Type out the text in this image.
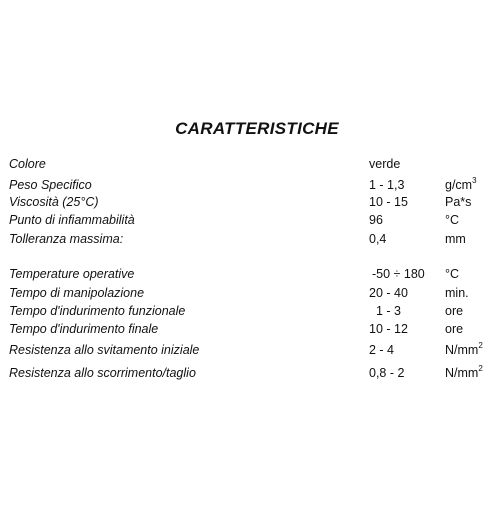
CARATTERISTICHE
Colore	verde
Peso Specifico	1 - 1,3	$g/cm^3$
Viscosità (25°C)	10 - 15	Pa*s
Punto di infiammabilità	96	°C
Tolleranza massima:	0,4	mm
Temperature operative	-50 ÷ 180 °C
Tempo di manipolazione	20 - 40	min.
Tempo d'indurimento funzionale	1 - 3	ore
Tempo d'indurimento finale	10 - 12	ore
Resistenza allo svitamento iniziale	2 - 4	$N/mm^2$
Resistenza allo scorrimento/taglio	0,8 - 2	$N/mm^2$
